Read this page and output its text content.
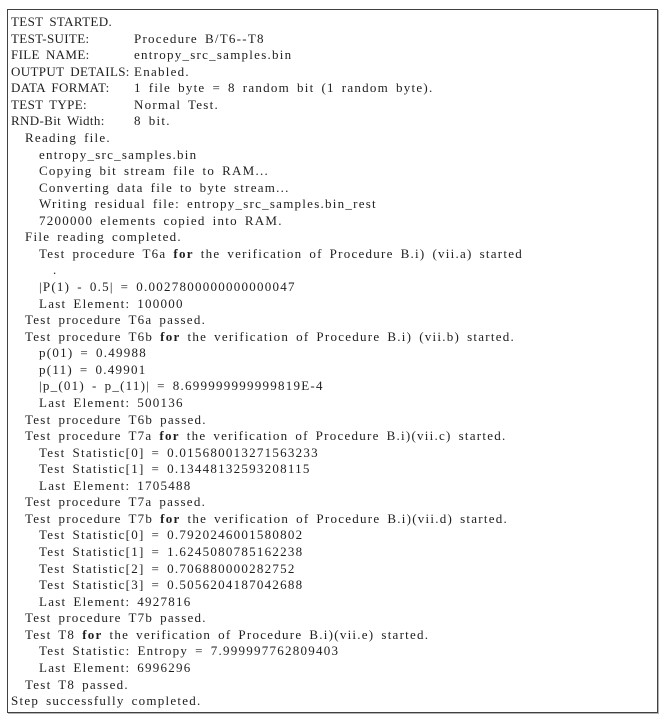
TEST STARTED.
TEST-SUITE:	Procedure B/T6--T8
FILE NAME:	entropy_src_samples.bin
OUTPUT DETAILS: Enabled.
DATA FORMAT: 1 file byte = 8 random bit (1 random byte).
TEST TYPE:	Normal Test.
RND-Bit Width: 8 bit.
Reading file.
entropy_src_samples.bin
Copying bit stream file to RAM...
Converting data file to byte stream...
Writing residual file: entropy_src_samples.bin_rest
7200000 elements copied into RAM.
File reading completed.
Test procedure T6a for the verification of Procedure B.i) (vii.a) started
.
|P(1) - 0.5| = 0.0027800000000000047
Last Element: 100000
Test procedure T6a passed.
Test procedure T6b for the verification of Procedure B.i) (vii.b) started.
p(01) = 0.49988
p(11) = 0.49901
|p_(01) - p_(11)| = 8.699999999999819E-4
Last Element: 500136
Test procedure T6b passed.
Test procedure T7a for the verification of Procedure B.i)(vii.c) started.
Test Statistic[0] = 0.015680013271563233
Test Statistic[1] = 0.13448132593208115
Last Element: 1705488
Test procedure T7a passed.
Test procedure T7b for the verification of Procedure B.i)(vii.d) started.
Test Statistic[0] = 0.7920246001580802
Test Statistic[1] = 1.6245080785162238
Test Statistic[2] = 0.706880000282752
Test Statistic[3] = 0.5056204187042688
Last Element: 4927816
Test procedure T7b passed.
Test T8 for the verification of Procedure B.i)(vii.e) started.
Test Statistic: Entropy = 7.999997762809403
Last Element: 6996296
Test T8 passed.
Step successfully completed.
